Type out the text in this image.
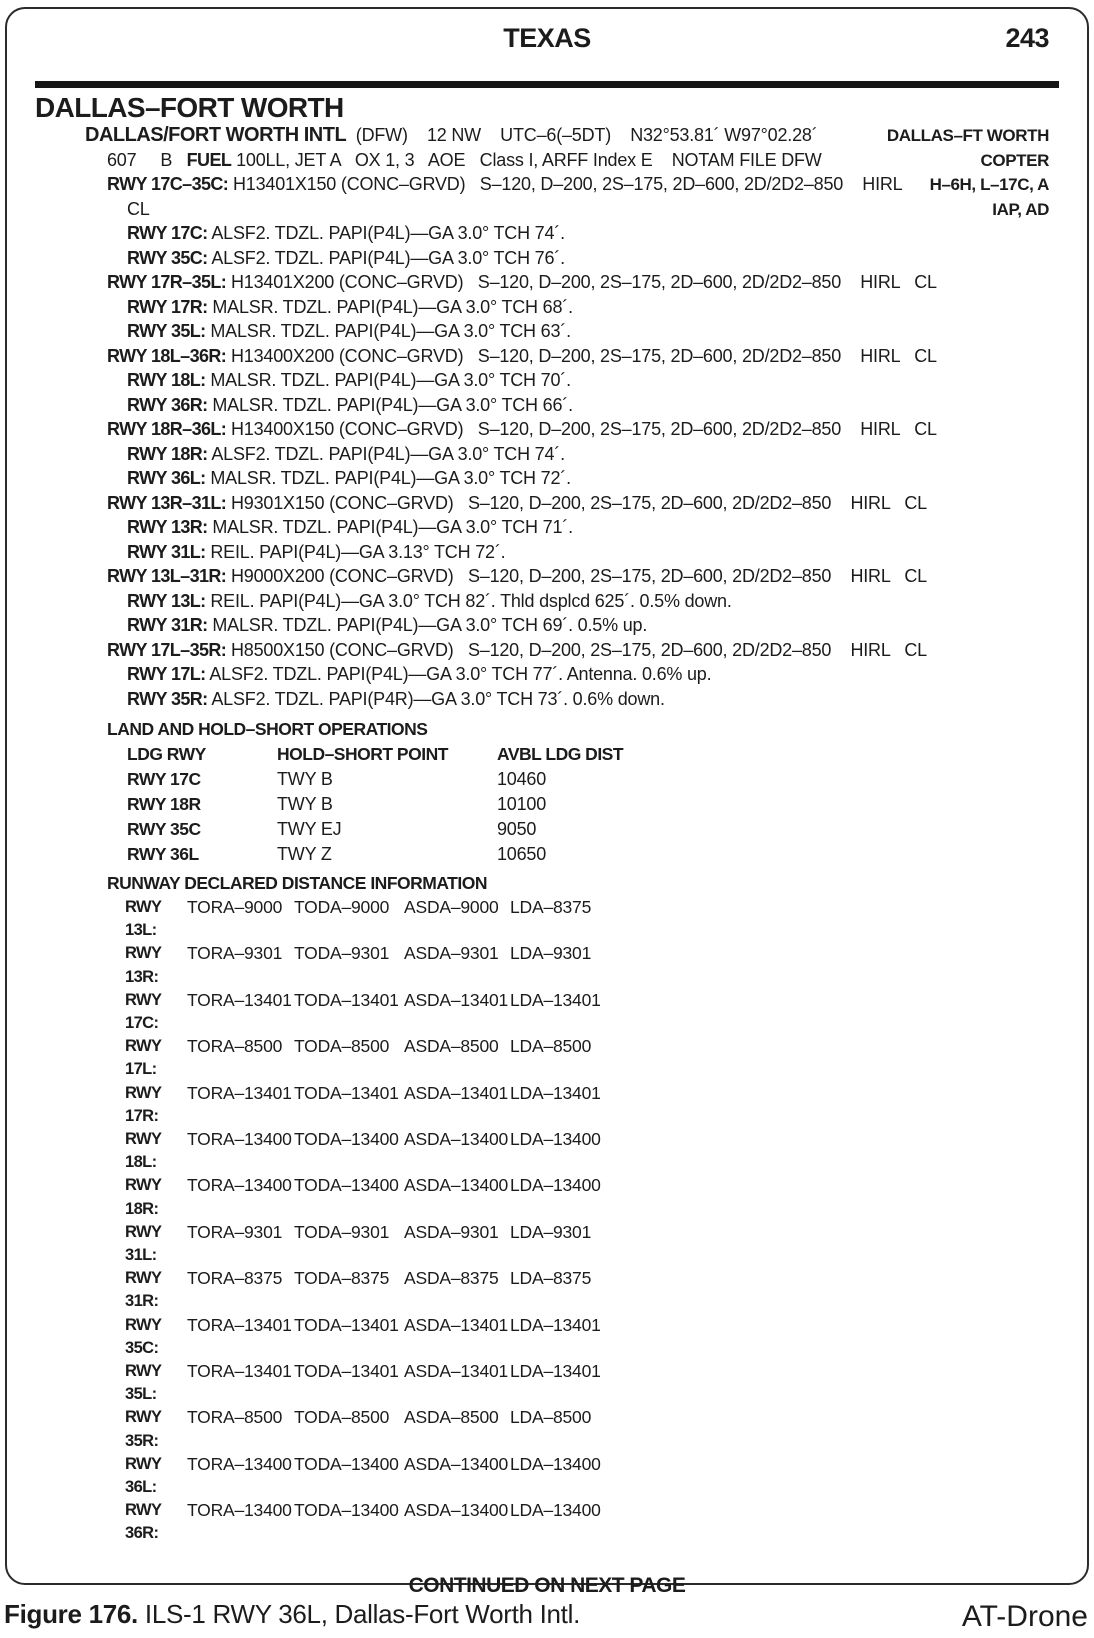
TEXAS	243
DALLAS–FORT WORTH
DALLAS/FORT WORTH INTL  (DFW)    12 NW    UTC–6(–5DT)    N32°53.81´ W97°02.28´
607     B   FUEL 100LL, JET A   OX 1, 3   AOE   Class I, ARFF Index E    NOTAM FILE DFW
RWY 17C–35C: H13401X150 (CONC–GRVD)   S–120, D–200, 2S–175, 2D–600, 2D/2D2–850    HIRL
CL
RWY 17C: ALSF2. TDZL. PAPI(P4L)—GA 3.0° TCH 74´.
RWY 35C: ALSF2. TDZL. PAPI(P4L)—GA 3.0° TCH 76´.
RWY 17R–35L: H13401X200 (CONC–GRVD)   S–120, D–200, 2S–175, 2D–600, 2D/2D2–850    HIRL   CL
RWY 17R: MALSR. TDZL. PAPI(P4L)—GA 3.0° TCH 68´.
RWY 35L: MALSR. TDZL. PAPI(P4L)—GA 3.0° TCH 63´.
RWY 18L–36R: H13400X200 (CONC–GRVD)   S–120, D–200, 2S–175, 2D–600, 2D/2D2–850    HIRL   CL
RWY 18L: MALSR. TDZL. PAPI(P4L)—GA 3.0° TCH 70´.
RWY 36R: MALSR. TDZL. PAPI(P4L)—GA 3.0° TCH 66´.
RWY 18R–36L: H13400X150 (CONC–GRVD)   S–120, D–200, 2S–175, 2D–600, 2D/2D2–850    HIRL   CL
RWY 18R: ALSF2. TDZL. PAPI(P4L)—GA 3.0° TCH 74´.
RWY 36L: MALSR. TDZL. PAPI(P4L)—GA 3.0° TCH 72´.
RWY 13R–31L: H9301X150 (CONC–GRVD)   S–120, D–200, 2S–175, 2D–600, 2D/2D2–850    HIRL   CL
RWY 13R: MALSR. TDZL. PAPI(P4L)—GA 3.0° TCH 71´.
RWY 31L: REIL. PAPI(P4L)—GA 3.13° TCH 72´.
RWY 13L–31R: H9000X200 (CONC–GRVD)   S–120, D–200, 2S–175, 2D–600, 2D/2D2–850    HIRL   CL
RWY 13L: REIL. PAPI(P4L)—GA 3.0° TCH 82´. Thld dsplcd 625´. 0.5% down.
RWY 31R: MALSR. TDZL. PAPI(P4L)—GA 3.0° TCH 69´. 0.5% up.
RWY 17L–35R: H8500X150 (CONC–GRVD)   S–120, D–200, 2S–175, 2D–600, 2D/2D2–850    HIRL   CL
RWY 17L: ALSF2. TDZL. PAPI(P4L)—GA 3.0° TCH 77´. Antenna. 0.6% up.
RWY 35R: ALSF2. TDZL. PAPI(P4R)—GA 3.0° TCH 73´. 0.6% down.
DALLAS–FT WORTH
COPTER
H–6H, L–17C, A
IAP, AD
LAND AND HOLD–SHORT OPERATIONS
LDG RWY	HOLD–SHORT POINT	AVBL LDG DIST
RWY 17C	TWY B	10460
RWY 18R	TWY B	10100
RWY 35C	TWY EJ	9050
RWY 36L	TWY Z	10650
RUNWAY DECLARED DISTANCE INFORMATION
RWY 13L:
TORA–9000 TODA–9000 ASDA–9000 LDA–8375
RWY 13R:
TORA–9301 TODA–9301 ASDA–9301 LDA–9301
RWY 17C:
TORA–13401 TODA–13401 ASDA–13401 LDA–13401
RWY 17L:
TORA–8500 TODA–8500 ASDA–8500 LDA–8500
RWY 17R:
TORA–13401 TODA–13401 ASDA–13401 LDA–13401
RWY 18L:
TORA–13400 TODA–13400 ASDA–13400 LDA–13400
RWY 18R:
TORA–13400 TODA–13400 ASDA–13400 LDA–13400
RWY 31L:
TORA–9301 TODA–9301 ASDA–9301 LDA–9301
RWY 31R:
TORA–8375 TODA–8375 ASDA–8375 LDA–8375
RWY 35C:
TORA–13401 TODA–13401 ASDA–13401 LDA–13401
RWY 35L:
TORA–13401 TODA–13401 ASDA–13401 LDA–13401
RWY 35R:
TORA–8500 TODA–8500 ASDA–8500 LDA–8500
RWY 36L:
TORA–13400 TODA–13400 ASDA–13400 LDA–13400
RWY 36R:
TORA–13400 TODA–13400 ASDA–13400 LDA–13400
CONTINUED ON NEXT PAGE
Figure 176. ILS-1 RWY 36L, Dallas-Fort Worth Intl.	AT-Drone
